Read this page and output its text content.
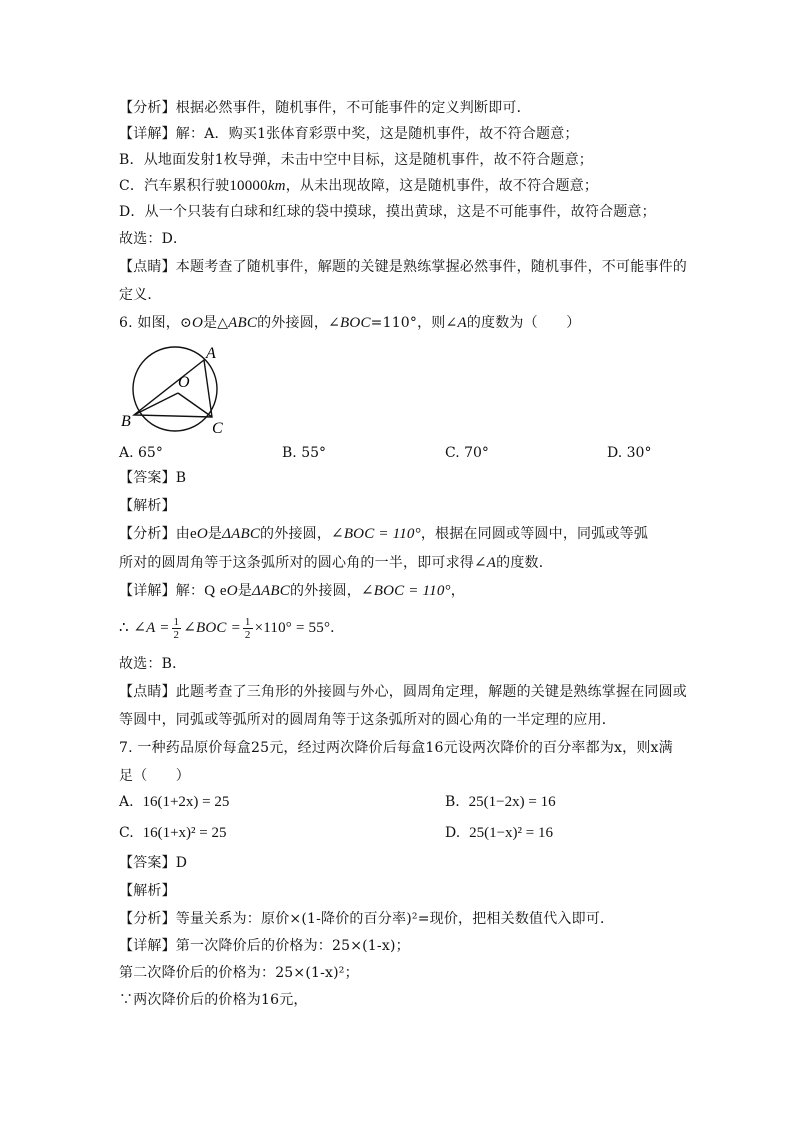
【分析】根据必然事件，随机事件，不可能事件的定义判断即可．
【详解】解：A．购买1张体育彩票中奖，这是随机事件，故不符合题意；
B．从地面发射1枚导弹，未击中空中目标，这是随机事件，故不符合题意；
C．汽车累积行驶10000km，从未出现故障，这是随机事件，故不符合题意；
D．从一个只装有白球和红球的袋中摸球，摸出黄球，这是不可能事件，故符合题意；
故选：D．
【点睛】本题考查了随机事件，解题的关键是熟练掌握必然事件，随机事件，不可能事件的
定义．
6. 如图，⊙O是△ABC的外接圆，∠BOC=110°，则∠A的度数为（　　）
A
O
B	C
A. 65°	B. 55°	C. 70°	D. 30°
【答案】B
【解析】
【分析】由eO是ΔABC的外接圆，∠BOC = 110°，根据在同圆或等圆中，同弧或等弧
所对的圆周角等于这条弧所对的圆心角的一半，即可求得∠A的度数．
【详解】解：Q eO是ΔABC的外接圆，∠BOC = 110°，
∴ ∠A = $\frac{1}{2}$ ∠BOC = $\frac{1}{2} \times 110^\circ = 55^\circ$．
故选：B．
【点睛】此题考查了三角形的外接圆与外心，圆周角定理，解题的关键是熟练掌握在同圆或
等圆中，同弧或等弧所对的圆周角等于这条弧所对的圆心角的一半定理的应用．
7. 一种药品原价每盒25元，经过两次降价后每盒16元设两次降价的百分率都为x，则x满
足（　　）
A. 16(1+2x) = 25	B. 25(1−2x) = 16
C. 16(1+x)² = 25	D. 25(1−x)² = 16
【答案】D
【解析】
【分析】等量关系为：原价×(1-降价的百分率)²=现价，把相关数值代入即可．
【详解】第一次降价后的价格为：25×(1-x)；
第二次降价后的价格为：25×(1-x)²；
∵两次降价后的价格为16元，
